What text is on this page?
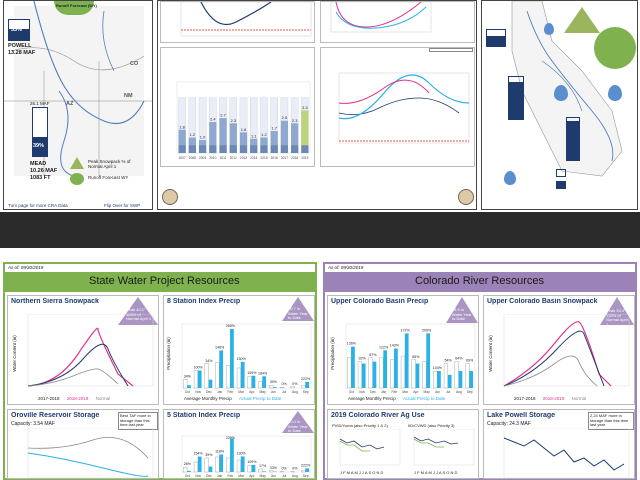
Runoff Forecast (WY)
55%
POWELL
13.28 MAF
CO
AZ
NM
26.1 MAF
39%
MEAD
10.26 MAF
1083 FT
Peak Snowpack % of Normal April 1
Runoff Forecast WY
Turn page for more CRA Data	Flip Over for SWP
1.8
2007
1.2
2008
1.0
2009
2.4
2010
2.7
2011
2.3
2012
1.6
2013
1.1
2014
1.2
2015
1.7
2016
2.5
2017
2.3
2018
3.3
2019
As of: 09/30/2019
State Water Project Resources
Northern Sierra Snowpack
Peak 40.1" 165% of Normal April 1
Water Content (in)
2017-2018 2018-2019 Normal
8 Station Index Precip
70.7 in Water Year to Date
Precipitation (in)
34%
100%
34%
148%
265%
130%
109% 184%
30% 0% 0%
222%
Oct Nov Dec Jan Feb Mar Apr May Jun Jul Aug Sep
Average Monthly Precip Actual Precip to Date
Oroville Reservoir Storage
Capacity: 3.54 MAF
Best TAF more in storage than this time last year
5 Station Index Precip
50.0 in Water Year to Date
26%
154% 39%
118%
239%
130%
109%
17% 33% 0% 0%
222%
Oct Nov Dec Jan Feb Mar Apr May Jun Jul Aug Sep
As of: 09/30/2019
Colorado River Resources
Upper Colorado Basin Precip
34.9 in Water Year to Date
Precipitation (in)	136%
92%
87%
122% 143%
172%
85%
209%
104%
54% 64% 69%
Oct Nov Dec Jan Feb Mar Apr May Jun Jul Aug Sep
Average Monthly Precip Actual Precip to Date
Upper Colorado Basin Snowpack
Peak 33.4" 132% of Normal April 1
Water Content (in)
2017-2018 2018-2019 Normal
2019 Colorado River Ag Use
PVID/Yuma (also Priority 1 & 2)	IID/CVWD (also Priority 3)
J F M A M J J A S O N D	J F M A M J J A S O N D
Lake Powell Storage
Capacity: 24.3 MAF
2.24 MAF more in storage than this time last year
